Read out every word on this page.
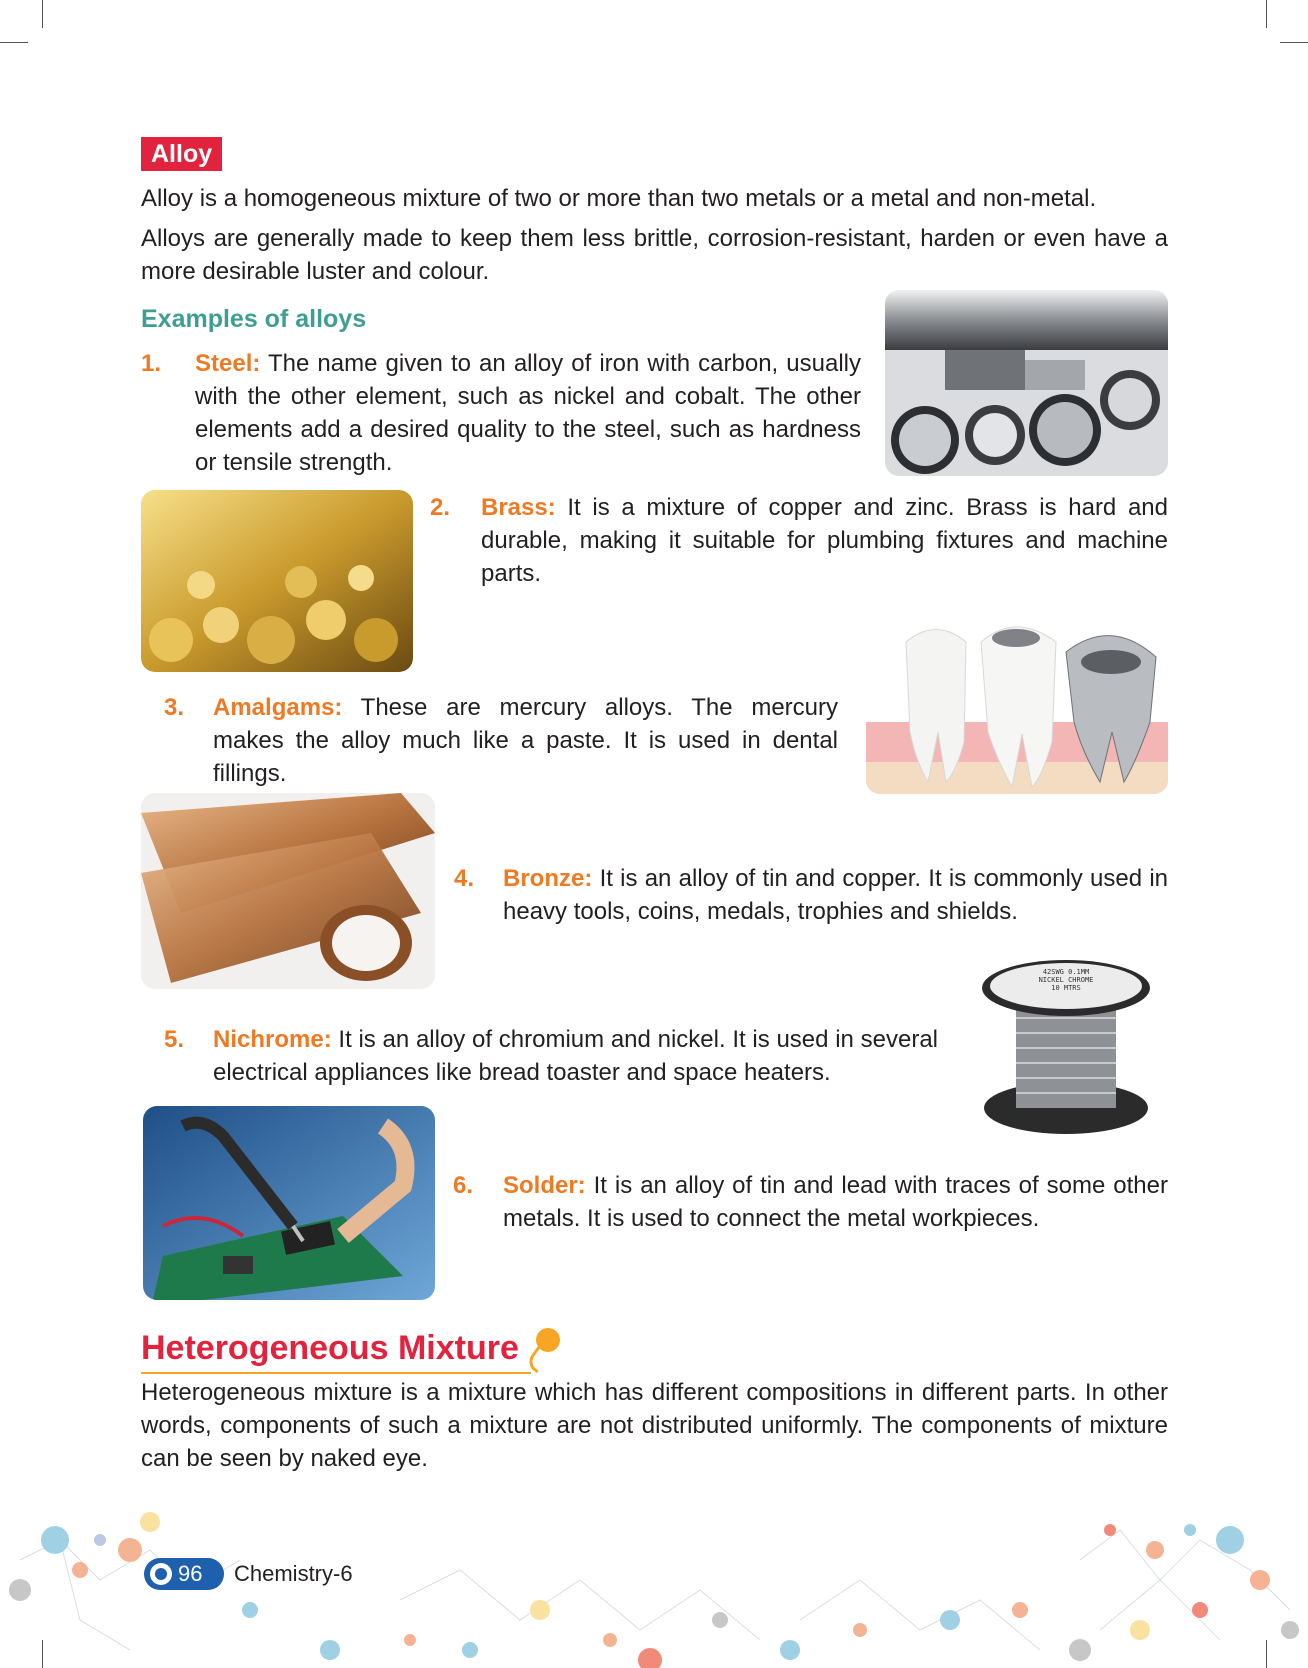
Alloy

Alloy is a homogeneous mixture of two or more than two metals or a metal and non-metal.

Alloys are generally made to keep them less brittle, corrosion-resistant, harden or even have a more desirable luster and colour.

Examples of alloys
1. Steel: The name given to an alloy of iron with carbon, usually with the other element, such as nickel and cobalt. The other elements add a desired quality to the steel, such as hardness or tensile strength.
2. Brass: It is a mixture of copper and zinc. Brass is hard and durable, making it suitable for plumbing fixtures and machine parts.
3. Amalgams: These are mercury alloys. The mercury makes the alloy much like a paste. It is used in dental fillings.
4. Bronze: It is an alloy of tin and copper. It is commonly used in heavy tools, coins, medals, trophies and shields.
42SWG 0.1MM
NICKEL CHROME
10 MTRS
5. Nichrome: It is an alloy of chromium and nickel. It is used in several electrical appliances like bread toaster and space heaters.
6. Solder: It is an alloy of tin and lead with traces of some other metals. It is used to connect the metal workpieces.
Heterogeneous Mixture

Heterogeneous mixture is a mixture which has different compositions in different parts. In other words, components of such a mixture are not distributed uniformly. The components of mixture can be seen by naked eye.

96 Chemistry-6
